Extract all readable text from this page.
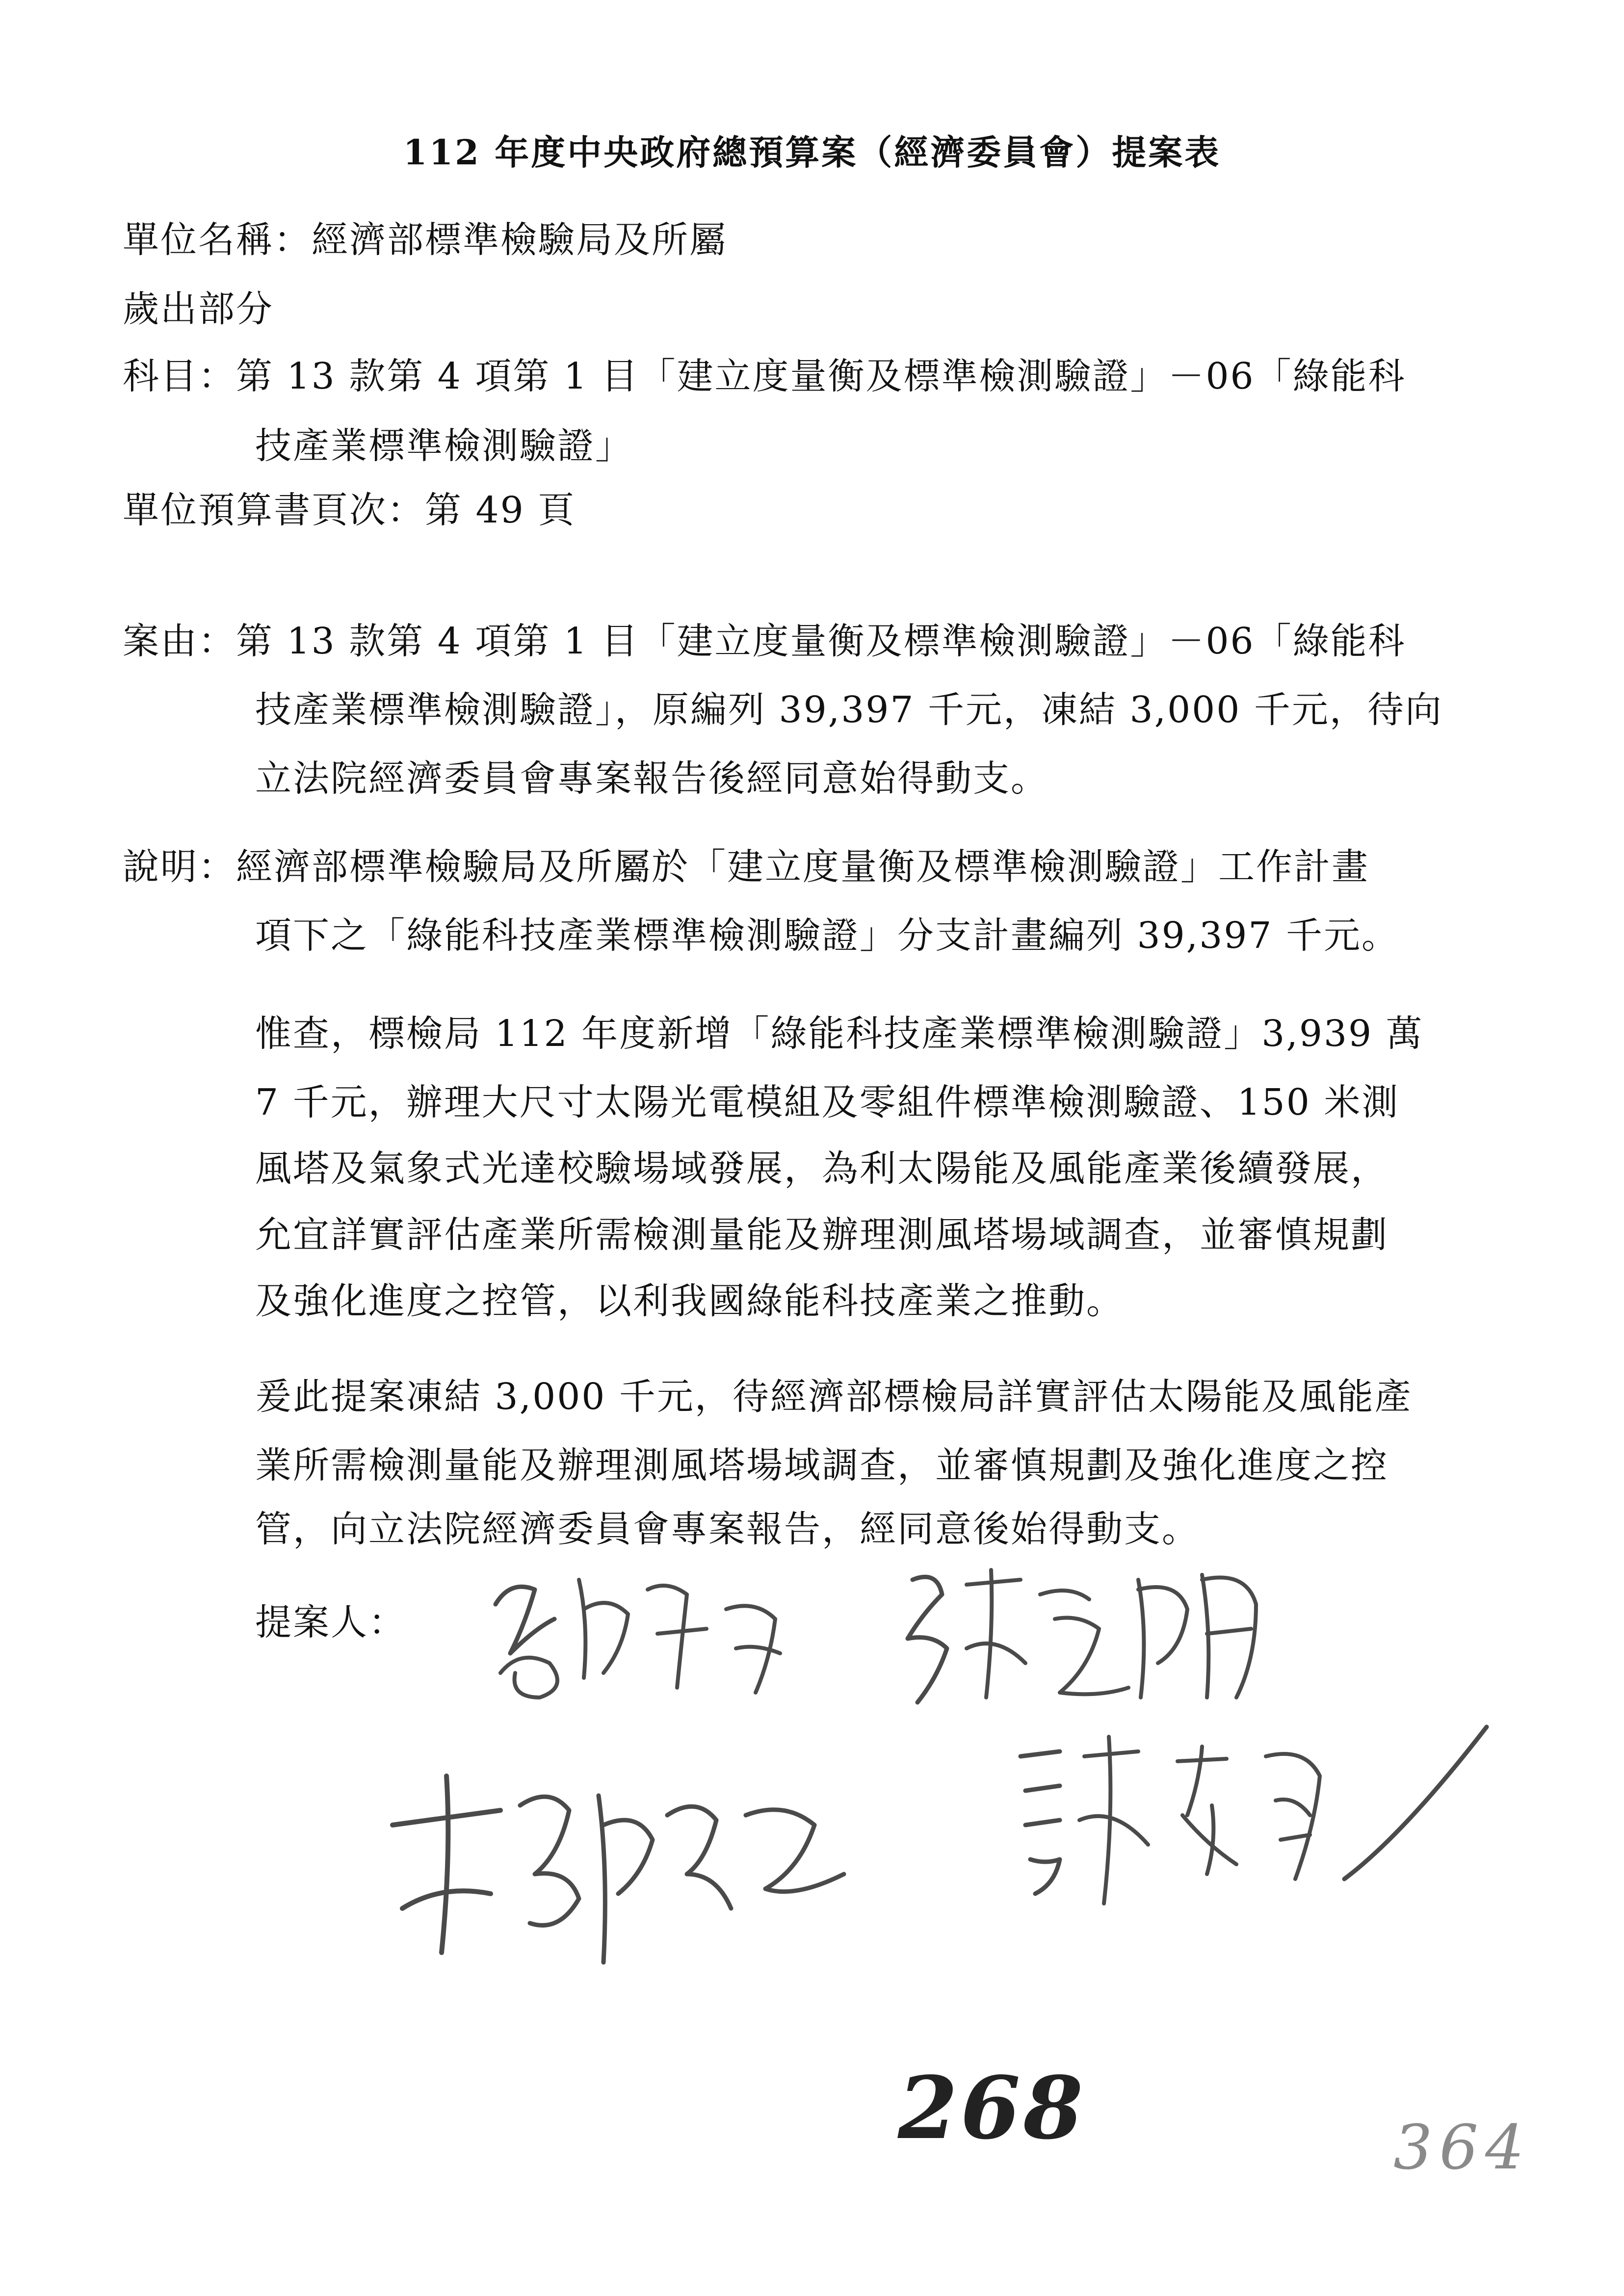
112 年度中央政府總預算案（經濟委員會）提案表
單位名稱：經濟部標準檢驗局及所屬
歲出部分
科目：第 13 款第 4 項第 1 目「建立度量衡及標準檢測驗證」－06「綠能科
技產業標準檢測驗證」
單位預算書頁次：第 49 頁
案由：第 13 款第 4 項第 1 目「建立度量衡及標準檢測驗證」－06「綠能科
技產業標準檢測驗證」，原編列 39,397 千元，凍結 3,000 千元，待向
立法院經濟委員會專案報告後經同意始得動支。
說明：經濟部標準檢驗局及所屬於「建立度量衡及標準檢測驗證」工作計畫
項下之「綠能科技產業標準檢測驗證」分支計畫編列 39,397 千元。
惟查，標檢局 112 年度新增「綠能科技產業標準檢測驗證」3,939 萬
7 千元，辦理大尺寸太陽光電模組及零組件標準檢測驗證、150 米測
風塔及氣象式光達校驗場域發展，為利太陽能及風能產業後續發展，
允宜詳實評估產業所需檢測量能及辦理測風塔場域調查，並審慎規劃
及強化進度之控管，以利我國綠能科技產業之推動。
爰此提案凍結 3,000 千元，待經濟部標檢局詳實評估太陽能及風能產
業所需檢測量能及辦理測風塔場域調查，並審慎規劃及強化進度之控
管，向立法院經濟委員會專案報告，經同意後始得動支。
提案人：
268	364
